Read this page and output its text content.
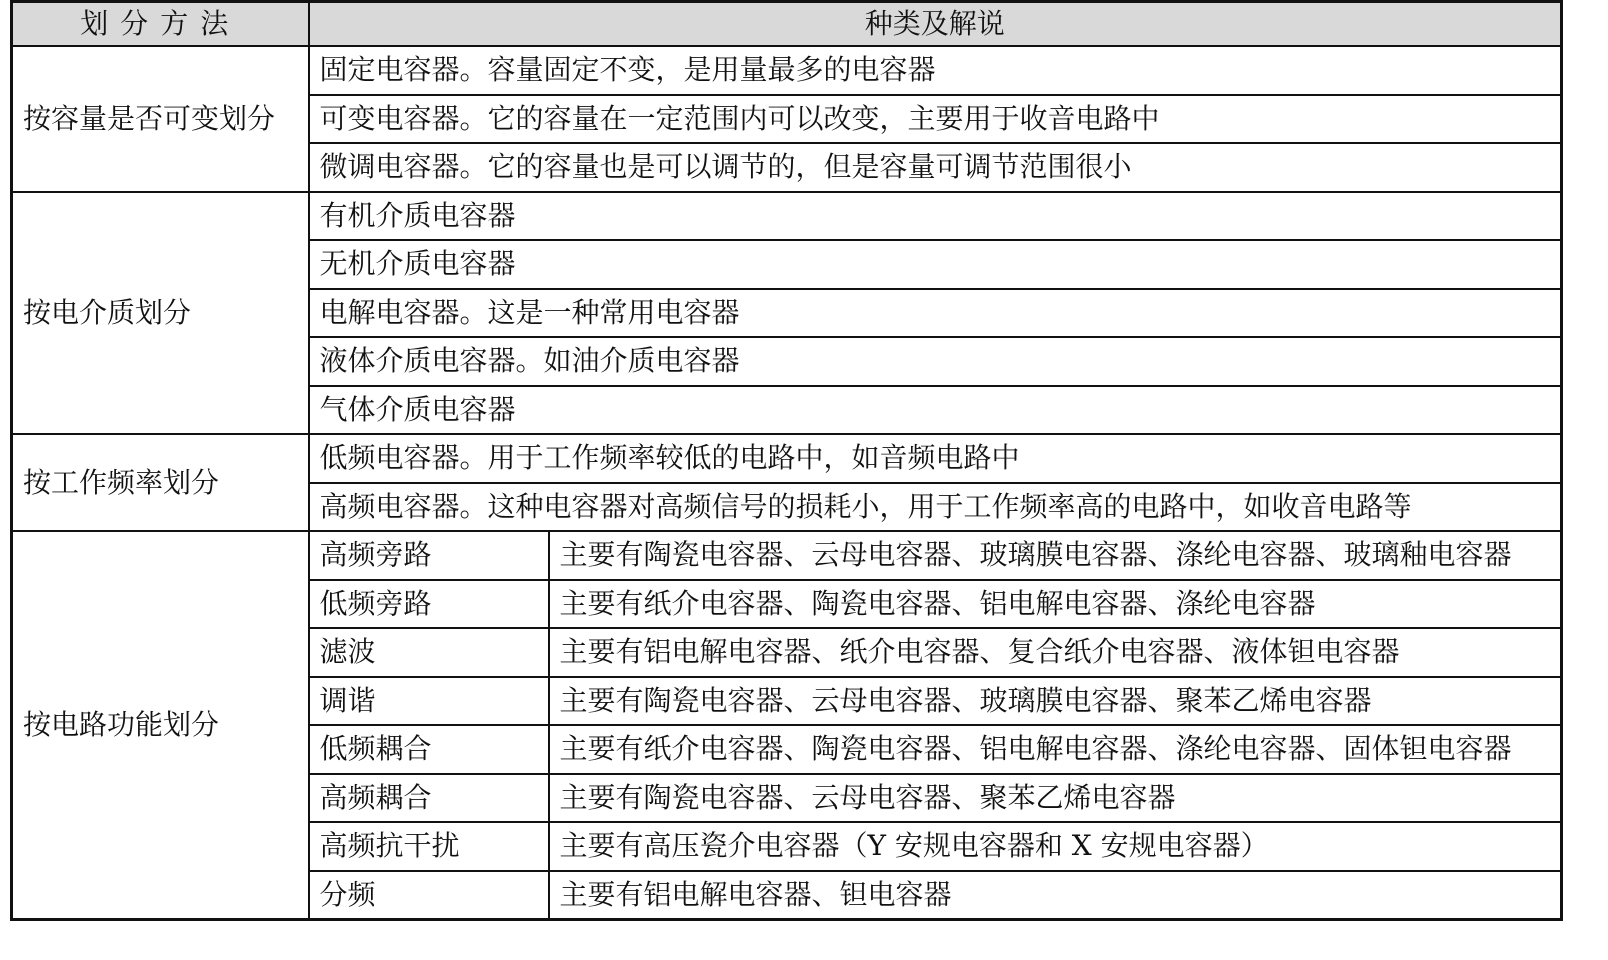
划分方法	种类及解说	
按容量是否可变划分	固定电容器。容量固定不变，是用量最多的电容器	
	可变电容器。它的容量在一定范围内可以改变，主要用于收音电路中	
	微调电容器。它的容量也是可以调节的，但是容量可调节范围很小	
按电介质划分	有机介质电容器	
	无机介质电容器	
	电解电容器。这是一种常用电容器	
	液体介质电容器。如油介质电容器	
	气体介质电容器	
按工作频率划分	低频电容器。用于工作频率较低的电路中，如音频电路中	
	高频电容器。这种电容器对高频信号的损耗小，用于工作频率高的电路中，如收音电路等	
按电路功能划分	高频旁路	主要有陶瓷电容器、云母电容器、玻璃膜电容器、涤纶电容器、玻璃釉电容器
	低频旁路	主要有纸介电容器、陶瓷电容器、铝电解电容器、涤纶电容器
	滤波	主要有铝电解电容器、纸介电容器、复合纸介电容器、液体钽电容器
	调谐	主要有陶瓷电容器、云母电容器、玻璃膜电容器、聚苯乙烯电容器
	低频耦合	主要有纸介电容器、陶瓷电容器、铝电解电容器、涤纶电容器、固体钽电容器
	高频耦合	主要有陶瓷电容器、云母电容器、聚苯乙烯电容器
	高频抗干扰	主要有高压瓷介电容器（Y 安规电容器和 X 安规电容器）
	分频	主要有铝电解电容器、钽电容器
